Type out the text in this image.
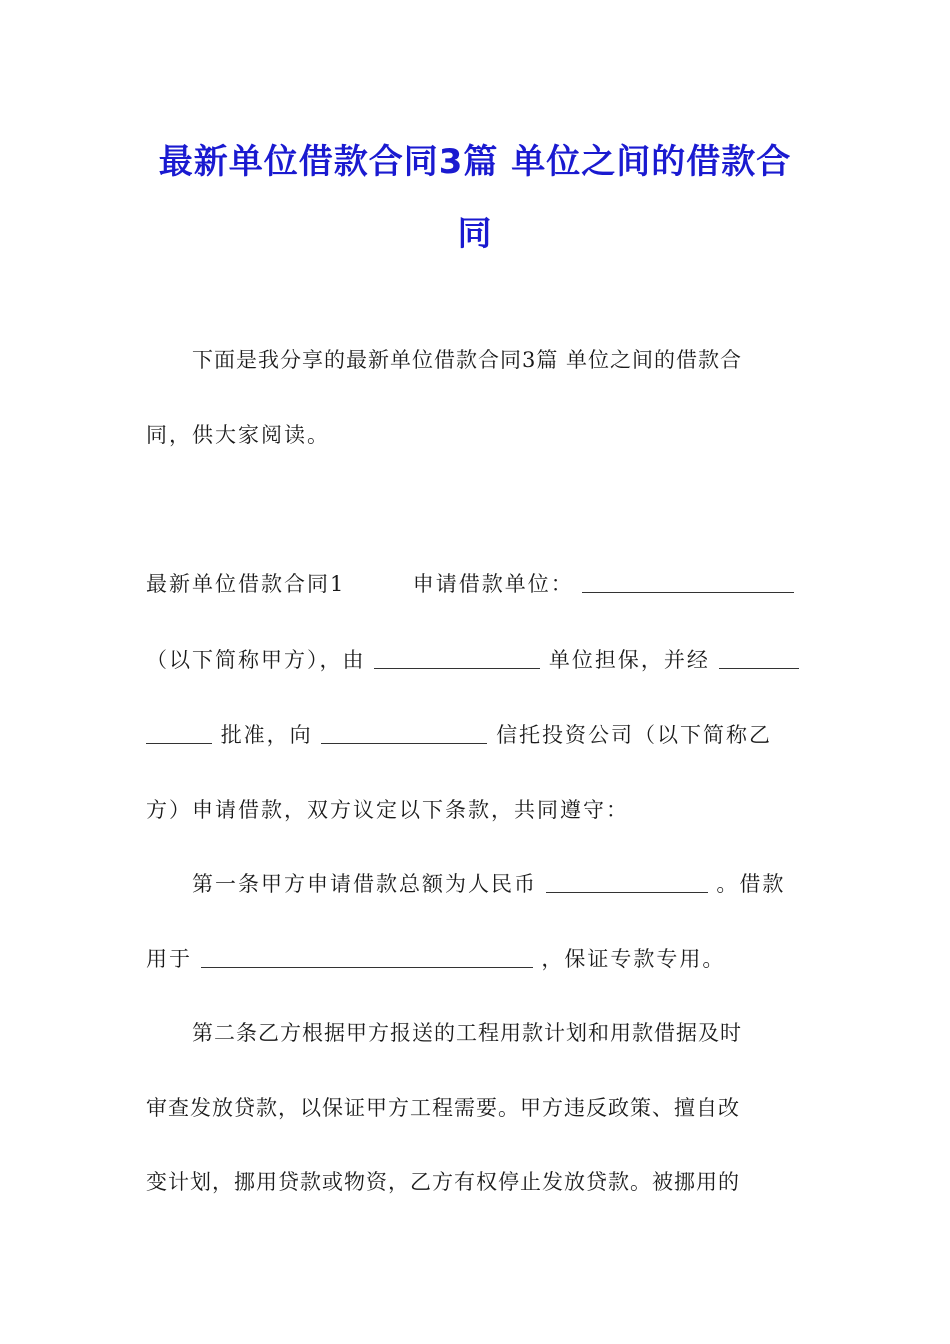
最新单位借款合同3篇 单位之间的借款合
同
下面是我分享的最新单位借款合同3篇 单位之间的借款合
同，供大家阅读。
最新单位借款合同1	申请借款单位：
（以下简称甲方），由	单位担保，并经
批准，向	信托投资公司（以下简称乙
方）申请借款，双方议定以下条款，共同遵守：
第一条甲方申请借款总额为人民币	。借款
用于	，保证专款专用。
第二条乙方根据甲方报送的工程用款计划和用款借据及时
审查发放贷款，以保证甲方工程需要。甲方违反政策、擅自改
变计划，挪用贷款或物资，乙方有权停止发放贷款。被挪用的
